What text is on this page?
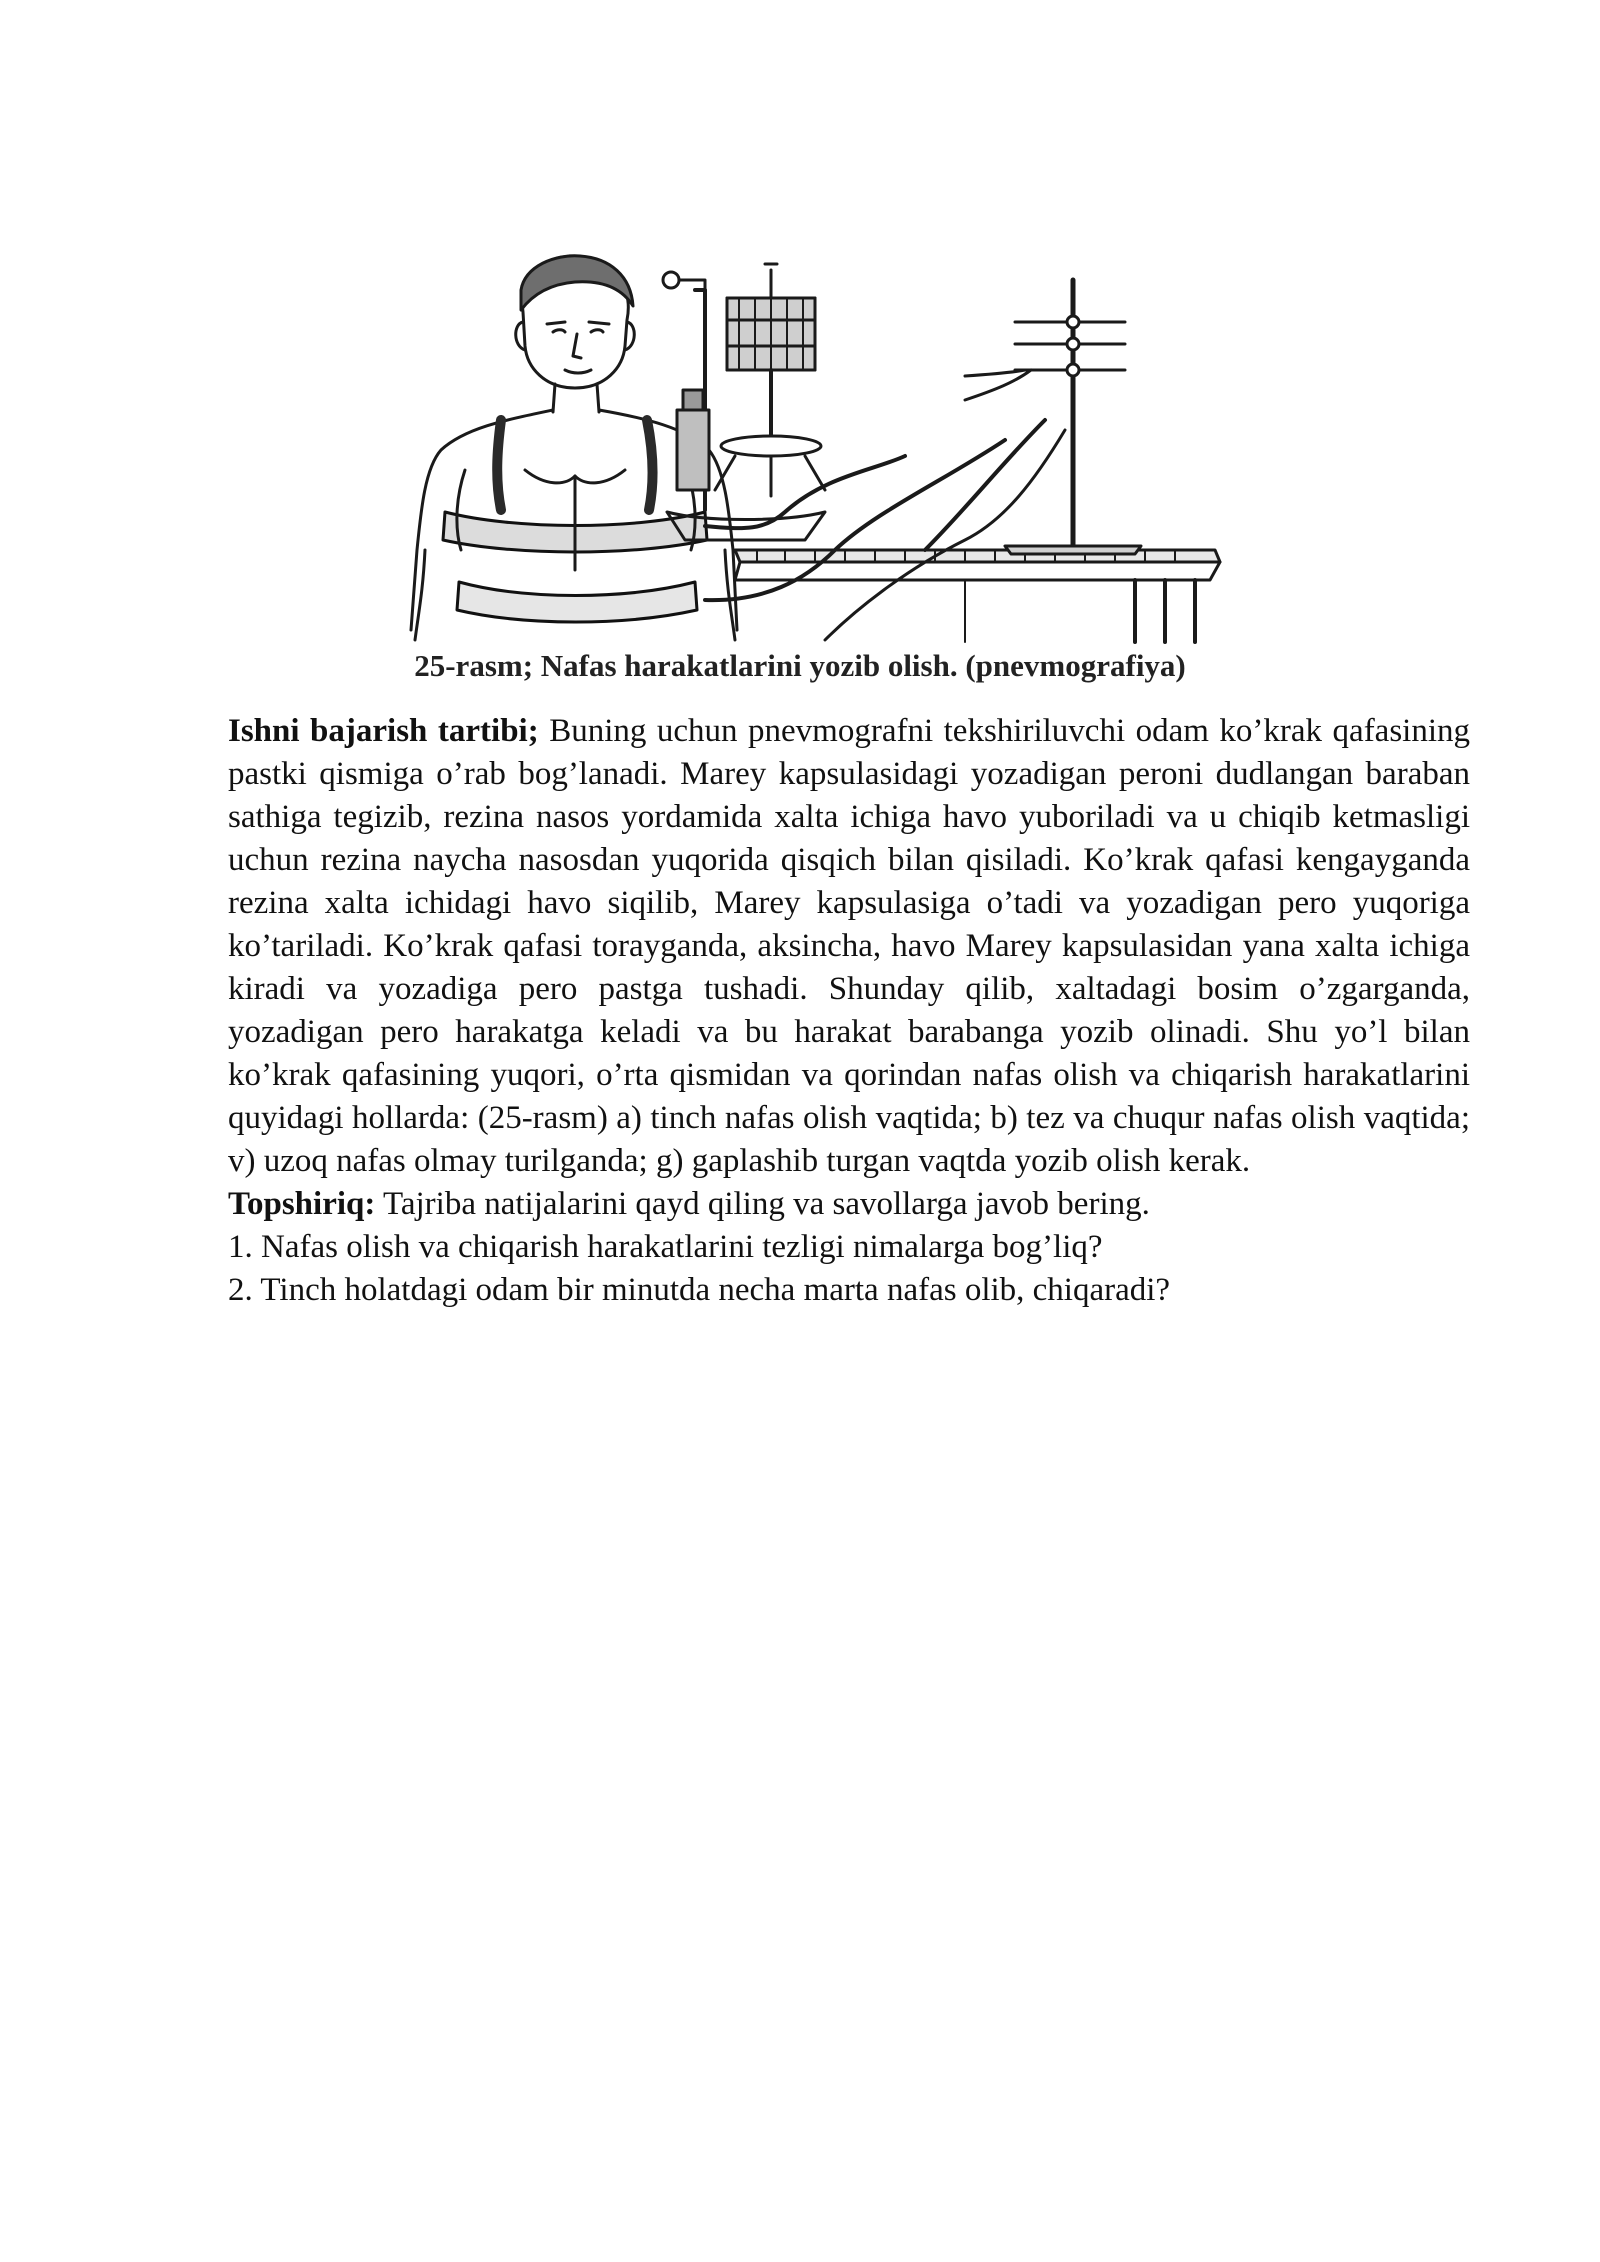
25-rasm; Nafas harakatlarini yozib olish. (pnevmografiya)

Ishni bajarish tartibi; Buning uchun pnevmografni tekshiriluvchi odam ko’krak qafasining pastki qismiga o’rab bog’lanadi. Marey kapsulasidagi yozadigan peroni dudlangan baraban sathiga tegizib, rezina nasos yordamida xalta ichiga havo yuboriladi va u chiqib ketmasligi uchun rezina naycha nasosdan yuqorida qisqich bilan qisiladi. Ko’krak qafasi kengayganda rezina xalta ichidagi havo siqilib, Marey kapsulasiga o’tadi va yozadigan pero yuqoriga ko’tariladi. Ko’krak qafasi torayganda, aksincha, havo Marey kapsulasidan yana xalta ichiga kiradi va yozadiga pero pastga tushadi. Shunday qilib, xaltadagi bosim o’zgarganda, yozadigan pero harakatga keladi va bu harakat barabanga yozib olinadi. Shu yo’l bilan ko’krak qafasining yuqori, o’rta qismidan va qorindan nafas olish va chiqarish harakatlarini quyidagi hollarda: (25-rasm) a) tinch nafas olish vaqtida; b) tez va chuqur nafas olish vaqtida; v) uzoq nafas olmay turilganda; g) gaplashib turgan vaqtda yozib olish kerak.

Topshiriq: Tajriba natijalarini qayd qiling va savollarga javob bering.

1. Nafas olish va chiqarish harakatlarini tezligi nimalarga bog’liq?

2. Tinch holatdagi odam bir minutda necha marta nafas olib, chiqaradi?
